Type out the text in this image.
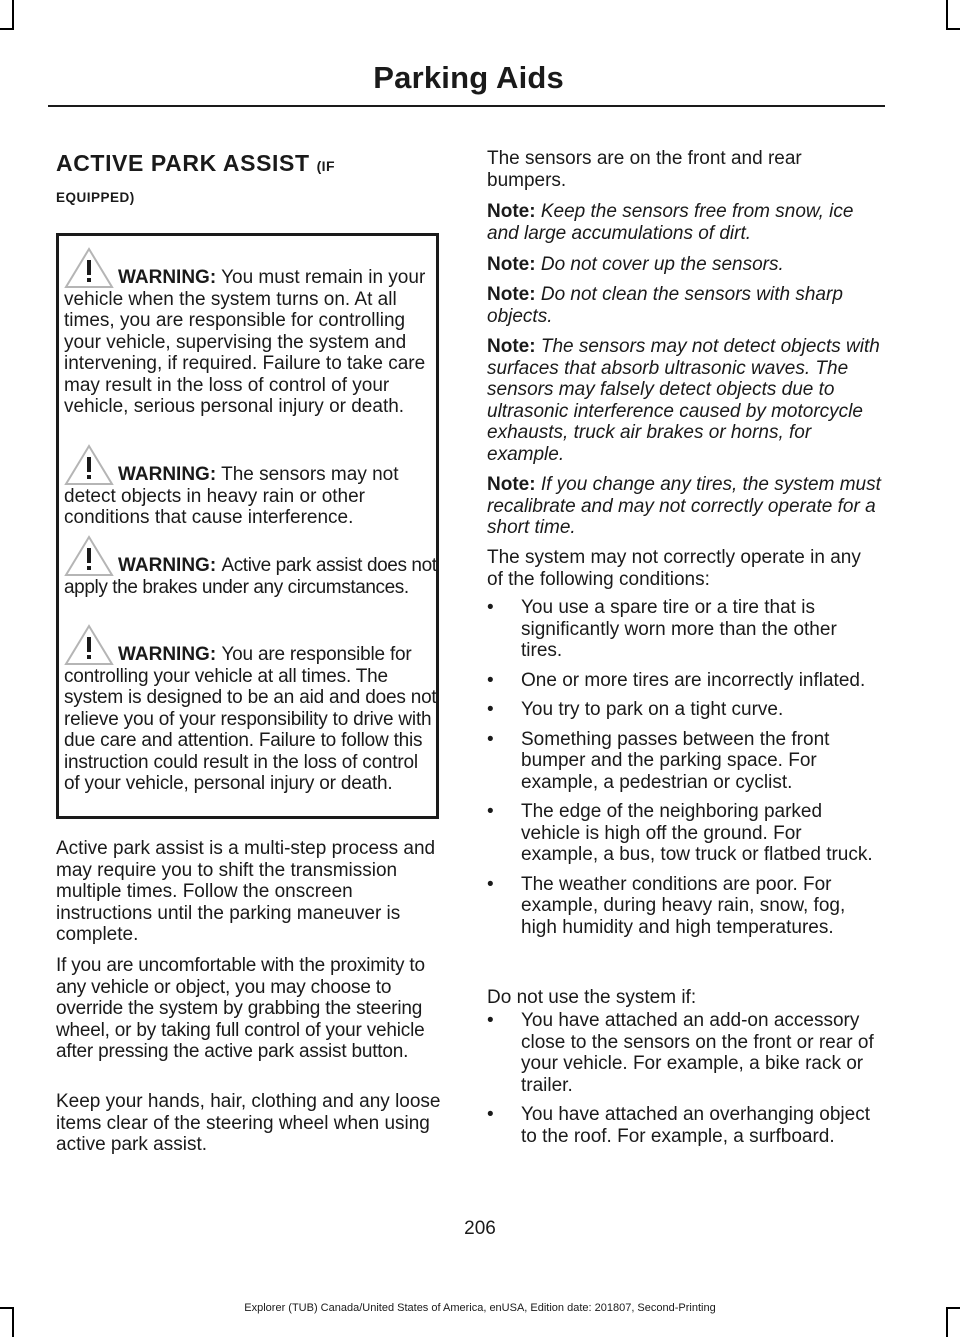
Parking Aids
ACTIVE PARK ASSIST (IF
EQUIPPED)
WARNING: You must remain in your vehicle when the system turns on. At all times, you are responsible for controlling your vehicle, supervising the system and intervening, if required. Failure to take care may result in the loss of control of your vehicle, serious personal injury or death.
WARNING: The sensors may not detect objects in heavy rain or other conditions that cause interference.
WARNING: Active park assist does not apply the brakes under any circumstances.
WARNING: You are responsible for controlling your vehicle at all times. The system is designed to be an aid and does not relieve you of your responsibility to drive with due care and attention. Failure to follow this instruction could result in the loss of control of your vehicle, personal injury or death.

Active park assist is a multi-step process and may require you to shift the transmission multiple times. Follow the onscreen instructions until the parking maneuver is complete.

If you are uncomfortable with the proximity to any vehicle or object, you may choose to override the system by grabbing the steering wheel, or by taking full control of your vehicle after pressing the active park assist button.

Keep your hands, hair, clothing and any loose items clear of the steering wheel when using active park assist.

The sensors are on the front and rear bumpers.

Note: Keep the sensors free from snow, ice and large accumulations of dirt.

Note: Do not cover up the sensors.

Note: Do not clean the sensors with sharp objects.

Note: The sensors may not detect objects with surfaces that absorb ultrasonic waves. The sensors may falsely detect objects due to ultrasonic interference caused by motorcycle exhausts, truck air brakes or horns, for example.

Note: If you change any tires, the system must recalibrate and may not correctly operate for a short time.

The system may not correctly operate in any of the following conditions:

• You use a spare tire or a tire that is significantly worn more than the other tires.
• One or more tires are incorrectly inflated.
• You try to park on a tight curve.
• Something passes between the front bumper and the parking space. For example, a pedestrian or cyclist.
• The edge of the neighboring parked vehicle is high off the ground. For example, a bus, tow truck or flatbed truck.
• The weather conditions are poor. For example, during heavy rain, snow, fog, high humidity and high temperatures.

Do not use the system if:

• You have attached an add-on accessory close to the sensors on the front or rear of your vehicle. For example, a bike rack or trailer.
• You have attached an overhanging object to the roof. For example, a surfboard.
206
Explorer (TUB) Canada/United States of America, enUSA, Edition date: 201807, Second-Printing
